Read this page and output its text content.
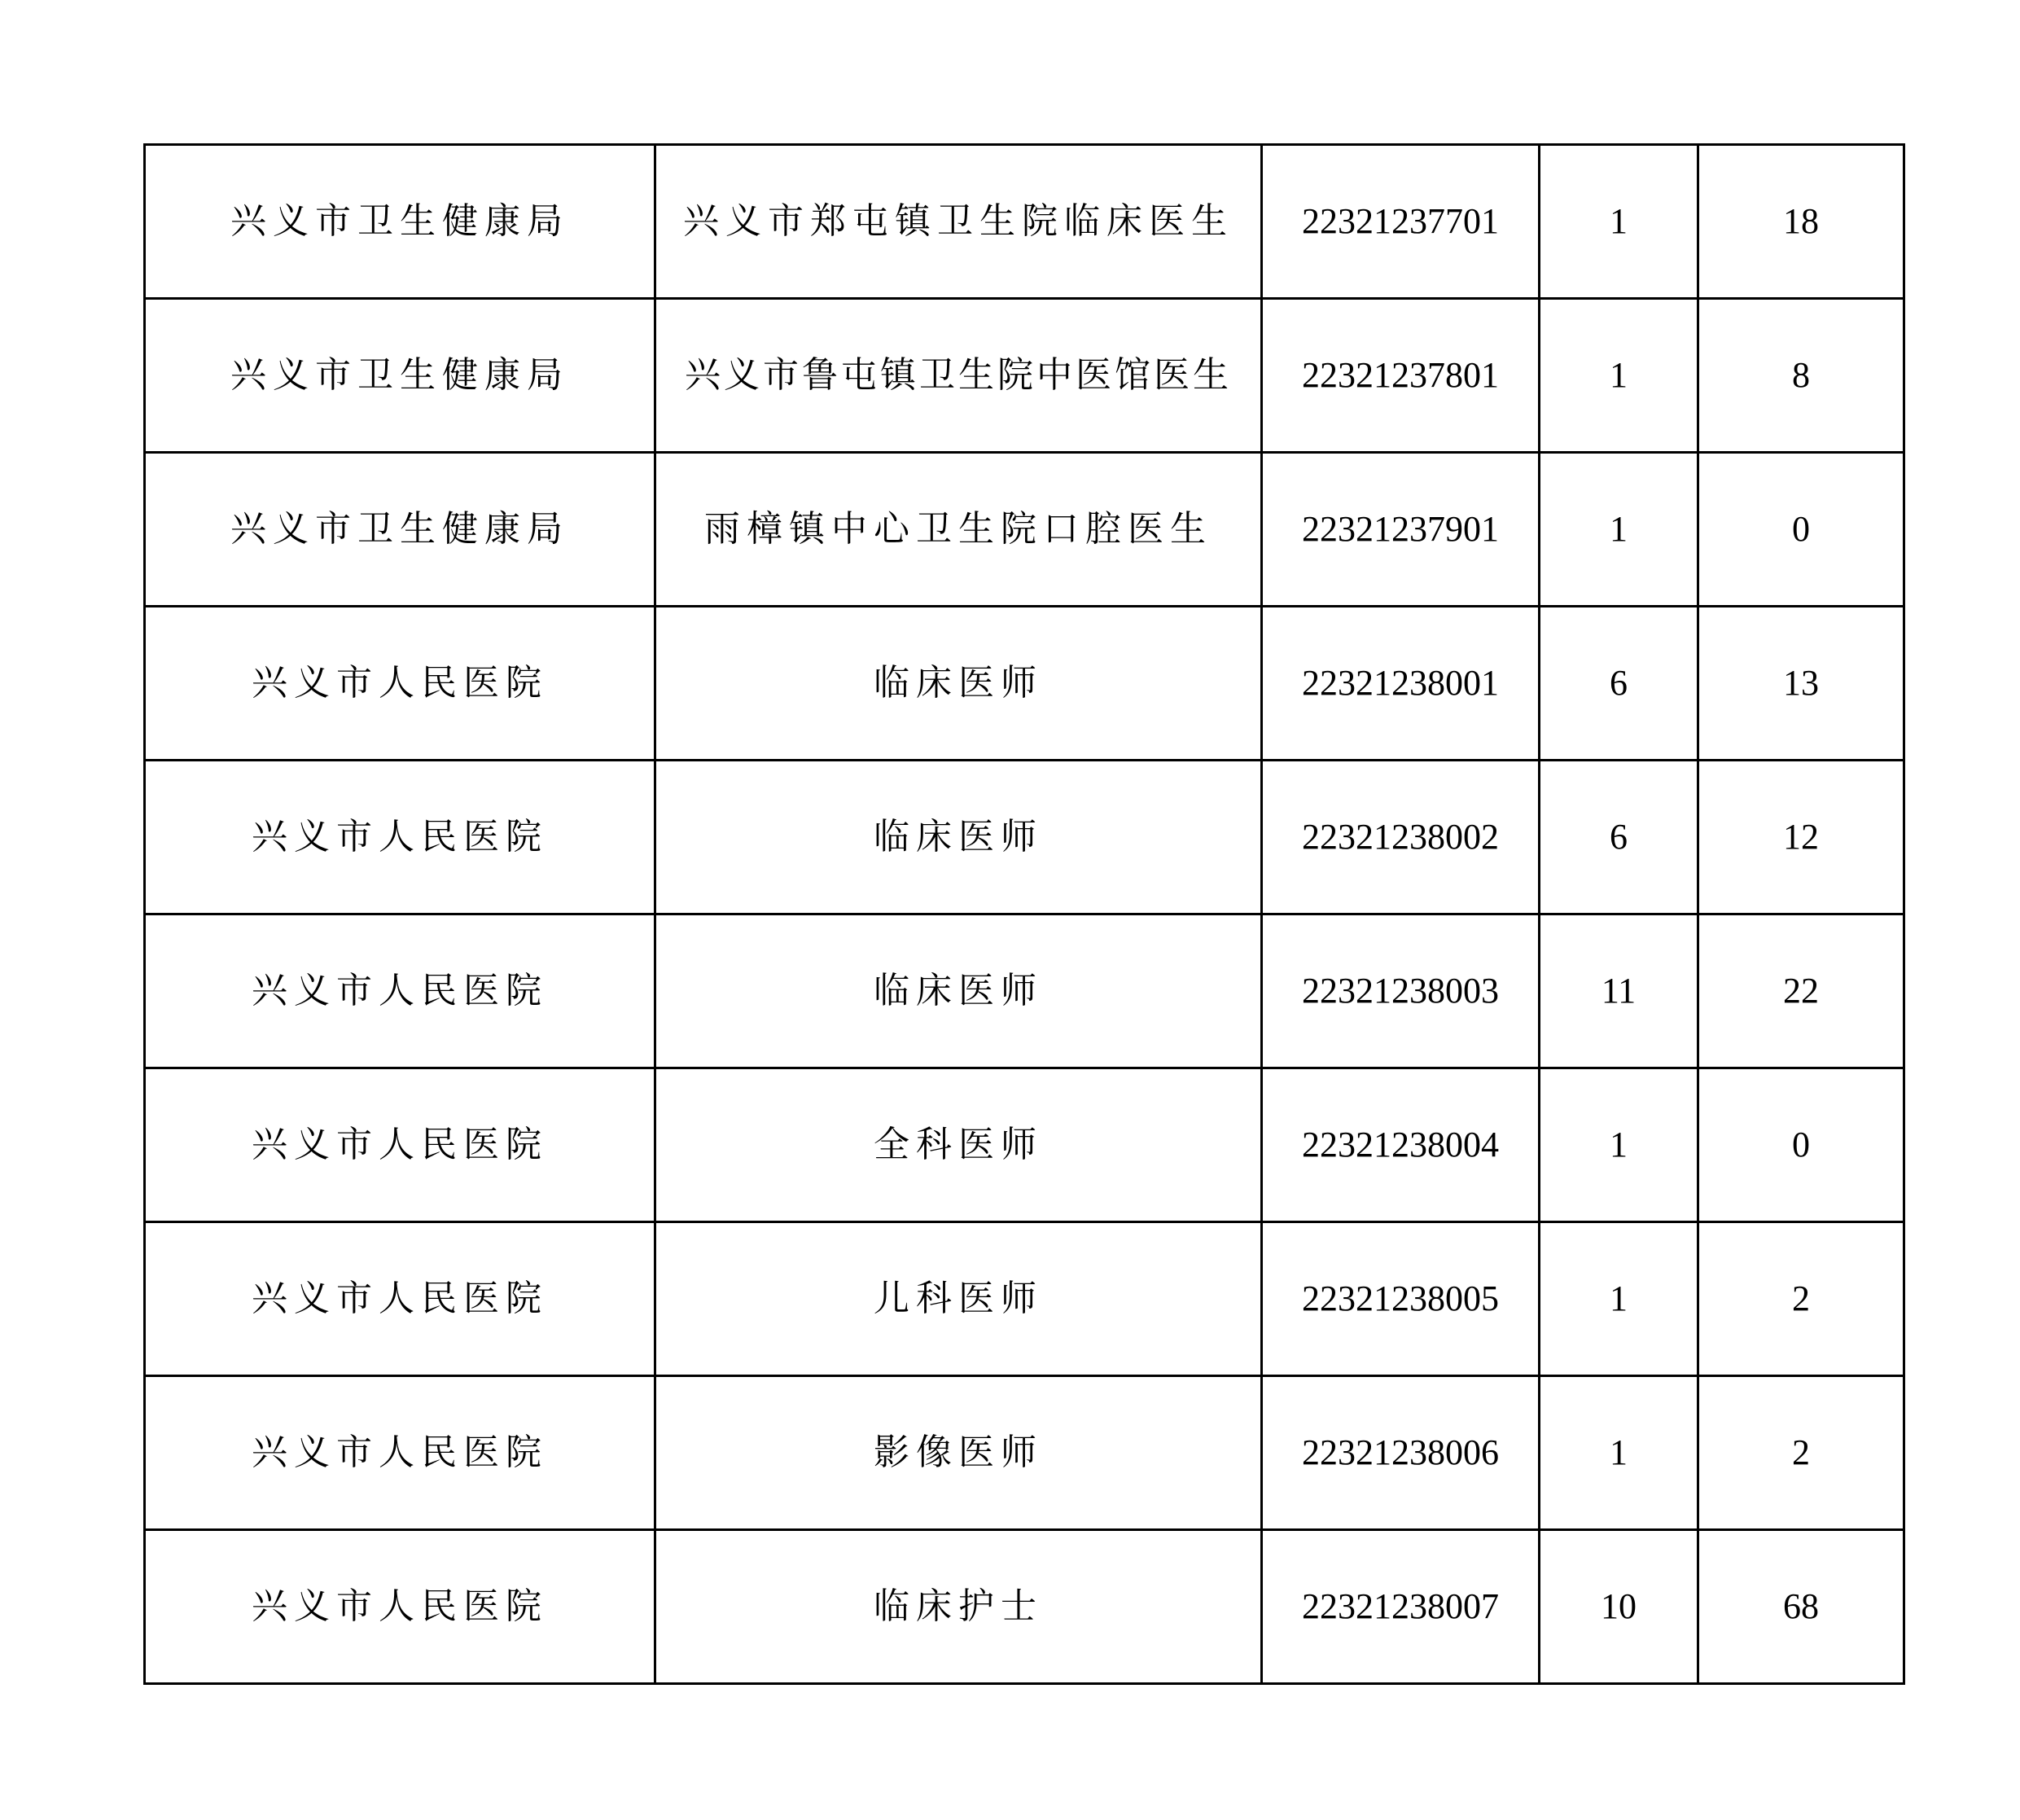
兴义市卫生健康局	兴义市郑屯镇卫生院临床医生	22321237701	1	18
兴义市卫生健康局	兴义市鲁屯镇卫生院中医馆医生	22321237801	1	8
兴义市卫生健康局	雨樟镇中心卫生院口腔医生	22321237901	1	0
兴义市人民医院	临床医师	22321238001	6	13
兴义市人民医院	临床医师	22321238002	6	12
兴义市人民医院	临床医师	22321238003	11	22
兴义市人民医院	全科医师	22321238004	1	0
兴义市人民医院	儿科医师	22321238005	1	2
兴义市人民医院	影像医师	22321238006	1	2
兴义市人民医院	临床护士	22321238007	10	68
